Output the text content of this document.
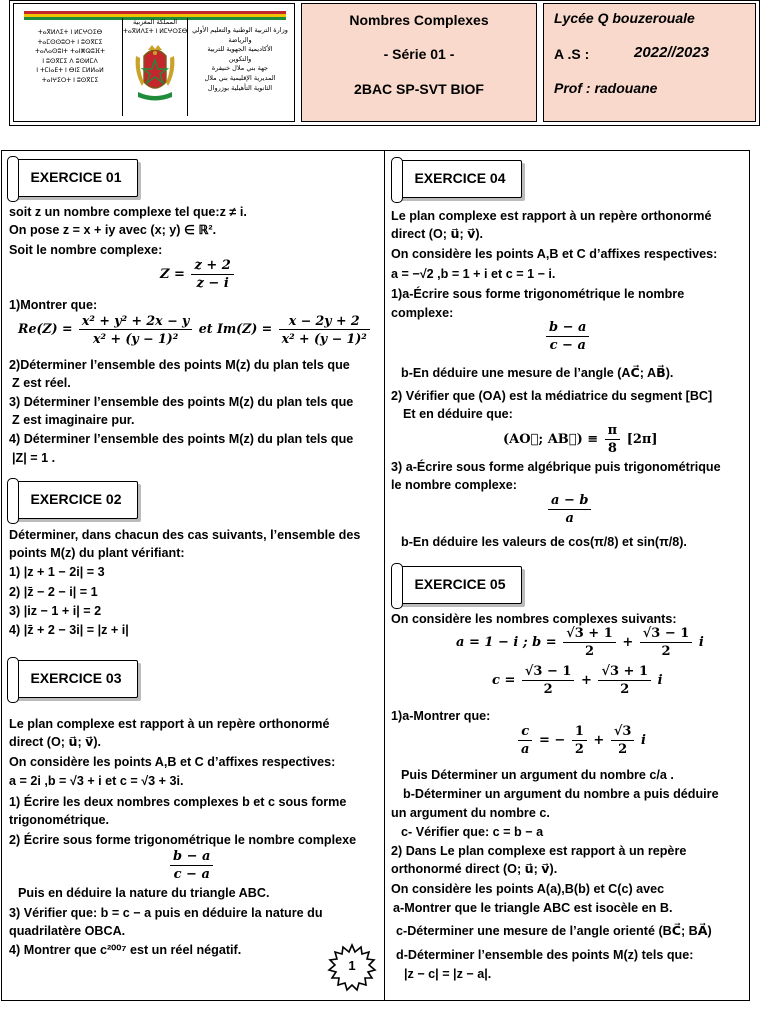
ⵜⴰⴳⵍⴷⵉⵜ ⵏ ⵍⵎⵖⵔⵉⴱ
ⵜⴰⵎⵙⵙⵓⵔⵜ ⵏ ⵓⵙⴳⵎⵉ
ⵜⴰⴷⴰⵙⵓⵏⵜ ⵜⴰⵏⵥⵕⵓⴼⵜ
ⵏ ⵓⵙⴳⵎⵉ ⴷ ⵓⵙⵍⵎⴷ
ⵏ ⵜⵎⵏⴰⴹⵜ ⵏ ⴱⵏⵉ ⵎⵍⵍⴰⵍ
ⵜⴰⵏⵖⵉⵔⵜ ⵏ ⵓⵙⴳⵎⵉ
المملكة المغربية
ⵜⴰⴳⵍⴷⵉⵜ ⵏ ⵍⵎⵖⵔⵉⴱ وزارة التربية الوطنية والتعليم الأولي
والرياضة
الأكاديمية الجهوية للتربية
والتكوين
جهة بني ملال خنيفرة
المديرية الإقليمية بني ملال
الثانوية التأهيلية بوزروال
Nombres Complexes
- Série 01 -
2BAC SP-SVT BIOF
Lycée Q bouzerouale
A .S :	2022//2023
Prof : radouane
EXERCICE 01
soit z un nombre complexe tel que:z ≠ i.
On pose z = x + iy avec (x; y) ∈ ℝ².
Soit le nombre complexe:
$Z = \frac{z + 2}{z - i}$
1)Montrer que:
$Re(Z) = \frac{\text{x² + y² + 2x − y}}{\text{x² + (y − 1)²}}$ et $Im(Z) = \frac{x - 2y + 2}{\text{x² + (y − 1)²}}$
2)Déterminer l’ensemble des points M(z) du plan tels que
Z est réel.
3) Déterminer l’ensemble des points M(z) du plan tels que
Z est imaginaire pur.
4) Déterminer l’ensemble des points M(z) du plan tels que
|Z| = 1 .
EXERCICE 02
Déterminer, dans chacun des cas suivants, l’ensemble des
points M(z) du plant vérifiant:
1) |z + 1 − 2i| = 3
2) |z̄ − 2 − i| = 1
3) |iz − 1 + i| = 2
4) |z̄ + 2 − 3i| = |z + i|
EXERCICE 03
Le plan complexe est rapport à un repère orthonormé
direct (O; u⃗; v⃗).
On considère les points A,B et C d’affixes respectives:
a = 2i ,b = √3 + i et c = √3 + 3i.
1) Écrire les deux nombres complexes b et c sous forme
trigonométrique.
2) Écrire sous forme trigonométrique le nombre complexe
$\frac{b - a}{c - a}$
Puis en déduire la nature du triangle ABC.
3) Vérifier que: b = c − a puis en déduire la nature du
quadrilatère OBCA.
4) Montrer que c²⁰⁰⁷ est un réel négatif.
1
EXERCICE 04
Le plan complexe est rapport à un repère orthonormé
direct (O; u⃗; v⃗).
On considère les points A,B et C d’affixes respectives:
a = −√2 ,b = 1 + i et c = 1 − i.
1)a-Écrire sous forme trigonométrique le nombre
complexe:
$\frac{b - a}{c - a}$
b-En déduire une mesure de l’angle (AC⃗; AB⃗).
2) Vérifier que (OA) est la médiatrice du segment [BC]
Et en déduire que:
(AO⃗; AB⃗) ≡ $\frac{\pi}{8} [2\pi]$
3) a-Écrire sous forme algébrique puis trigonométrique
le nombre complexe:
$\frac{a - b}{a}$
b-En déduire les valeurs de cos(π/8) et sin(π/8).
EXERCICE 05
On considère les nombres complexes suivants:
a = 1 − i ; $b = \frac{√3 + 1}{2} + \frac{√3 - 1}{2}$ i
$c = \frac{√3 - 1}{2} + \frac{√3 + 1}{2}$ i
1)a-Montrer que:
$\frac{c}{a}$ = − $\frac{1}{2} + \frac{√3}{2}$ i
Puis Déterminer un argument du nombre c/a .
b-Déterminer un argument du nombre a puis déduire
un argument du nombre c.
c- Vérifier que: c = b − a
2) Dans Le plan complexe est rapport à un repère
orthonormé direct (O; u⃗; v⃗).
On considère les points A(a),B(b) et C(c) avec
a-Montrer que le triangle ABC est isocèle en B.
c-Déterminer une mesure de l’angle orienté (BC⃗; BA⃗)
d-Déterminer l’ensemble des points M(z) tels que:
|z − c| = |z − a|.
